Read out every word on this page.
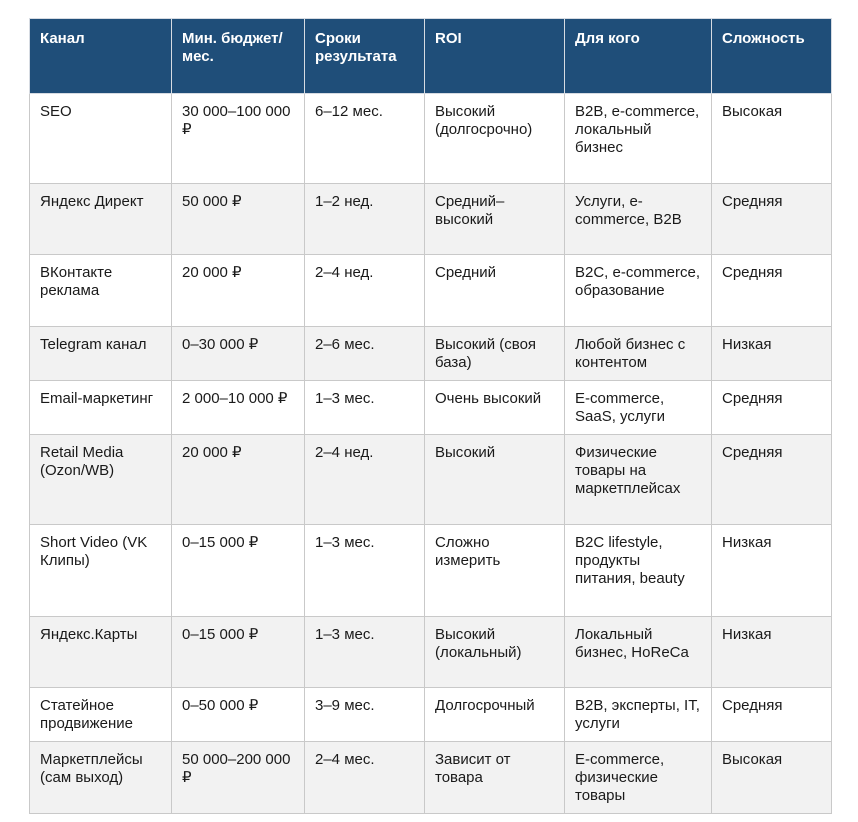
Канал	Мин. бюджет/мес.	Сроки результата	ROI	Для кого	Сложность
SEO	30 000–100 000 ₽	6–12 мес.	Высокий (долгосрочно)	B2B, e-commerce, локальный бизнес	Высокая
Яндекс Директ	50 000 ₽	1–2 нед.	Средний–высокий	Услуги, e-commerce, B2B	Средняя
ВКонтакте реклама	20 000 ₽	2–4 нед.	Средний	B2C, e-commerce, образование	Средняя
Telegram канал	0–30 000 ₽	2–6 мес.	Высокий (своя база)	Любой бизнес с контентом	Низкая
Email-маркетинг	2 000–10 000 ₽	1–3 мес.	Очень высокий	E-commerce, SaaS, услуги	Средняя
Retail Media (Ozon/WB)	20 000 ₽	2–4 нед.	Высокий	Физические товары на маркетплейсах	Средняя
Short Video (VK Клипы)	0–15 000 ₽	1–3 мес.	Сложно измерить	B2C lifestyle, продукты питания, beauty	Низкая
Яндекс.Карты	0–15 000 ₽	1–3 мес.	Высокий (локальный)	Локальный бизнес, HoReCa	Низкая
Статейное продвижение	0–50 000 ₽	3–9 мес.	Долгосрочный	B2B, эксперты, IT, услуги	Средняя
Маркетплейсы (сам выход)	50 000–200 000 ₽	2–4 мес.	Зависит от товара	E-commerce, физические товары	Высокая
